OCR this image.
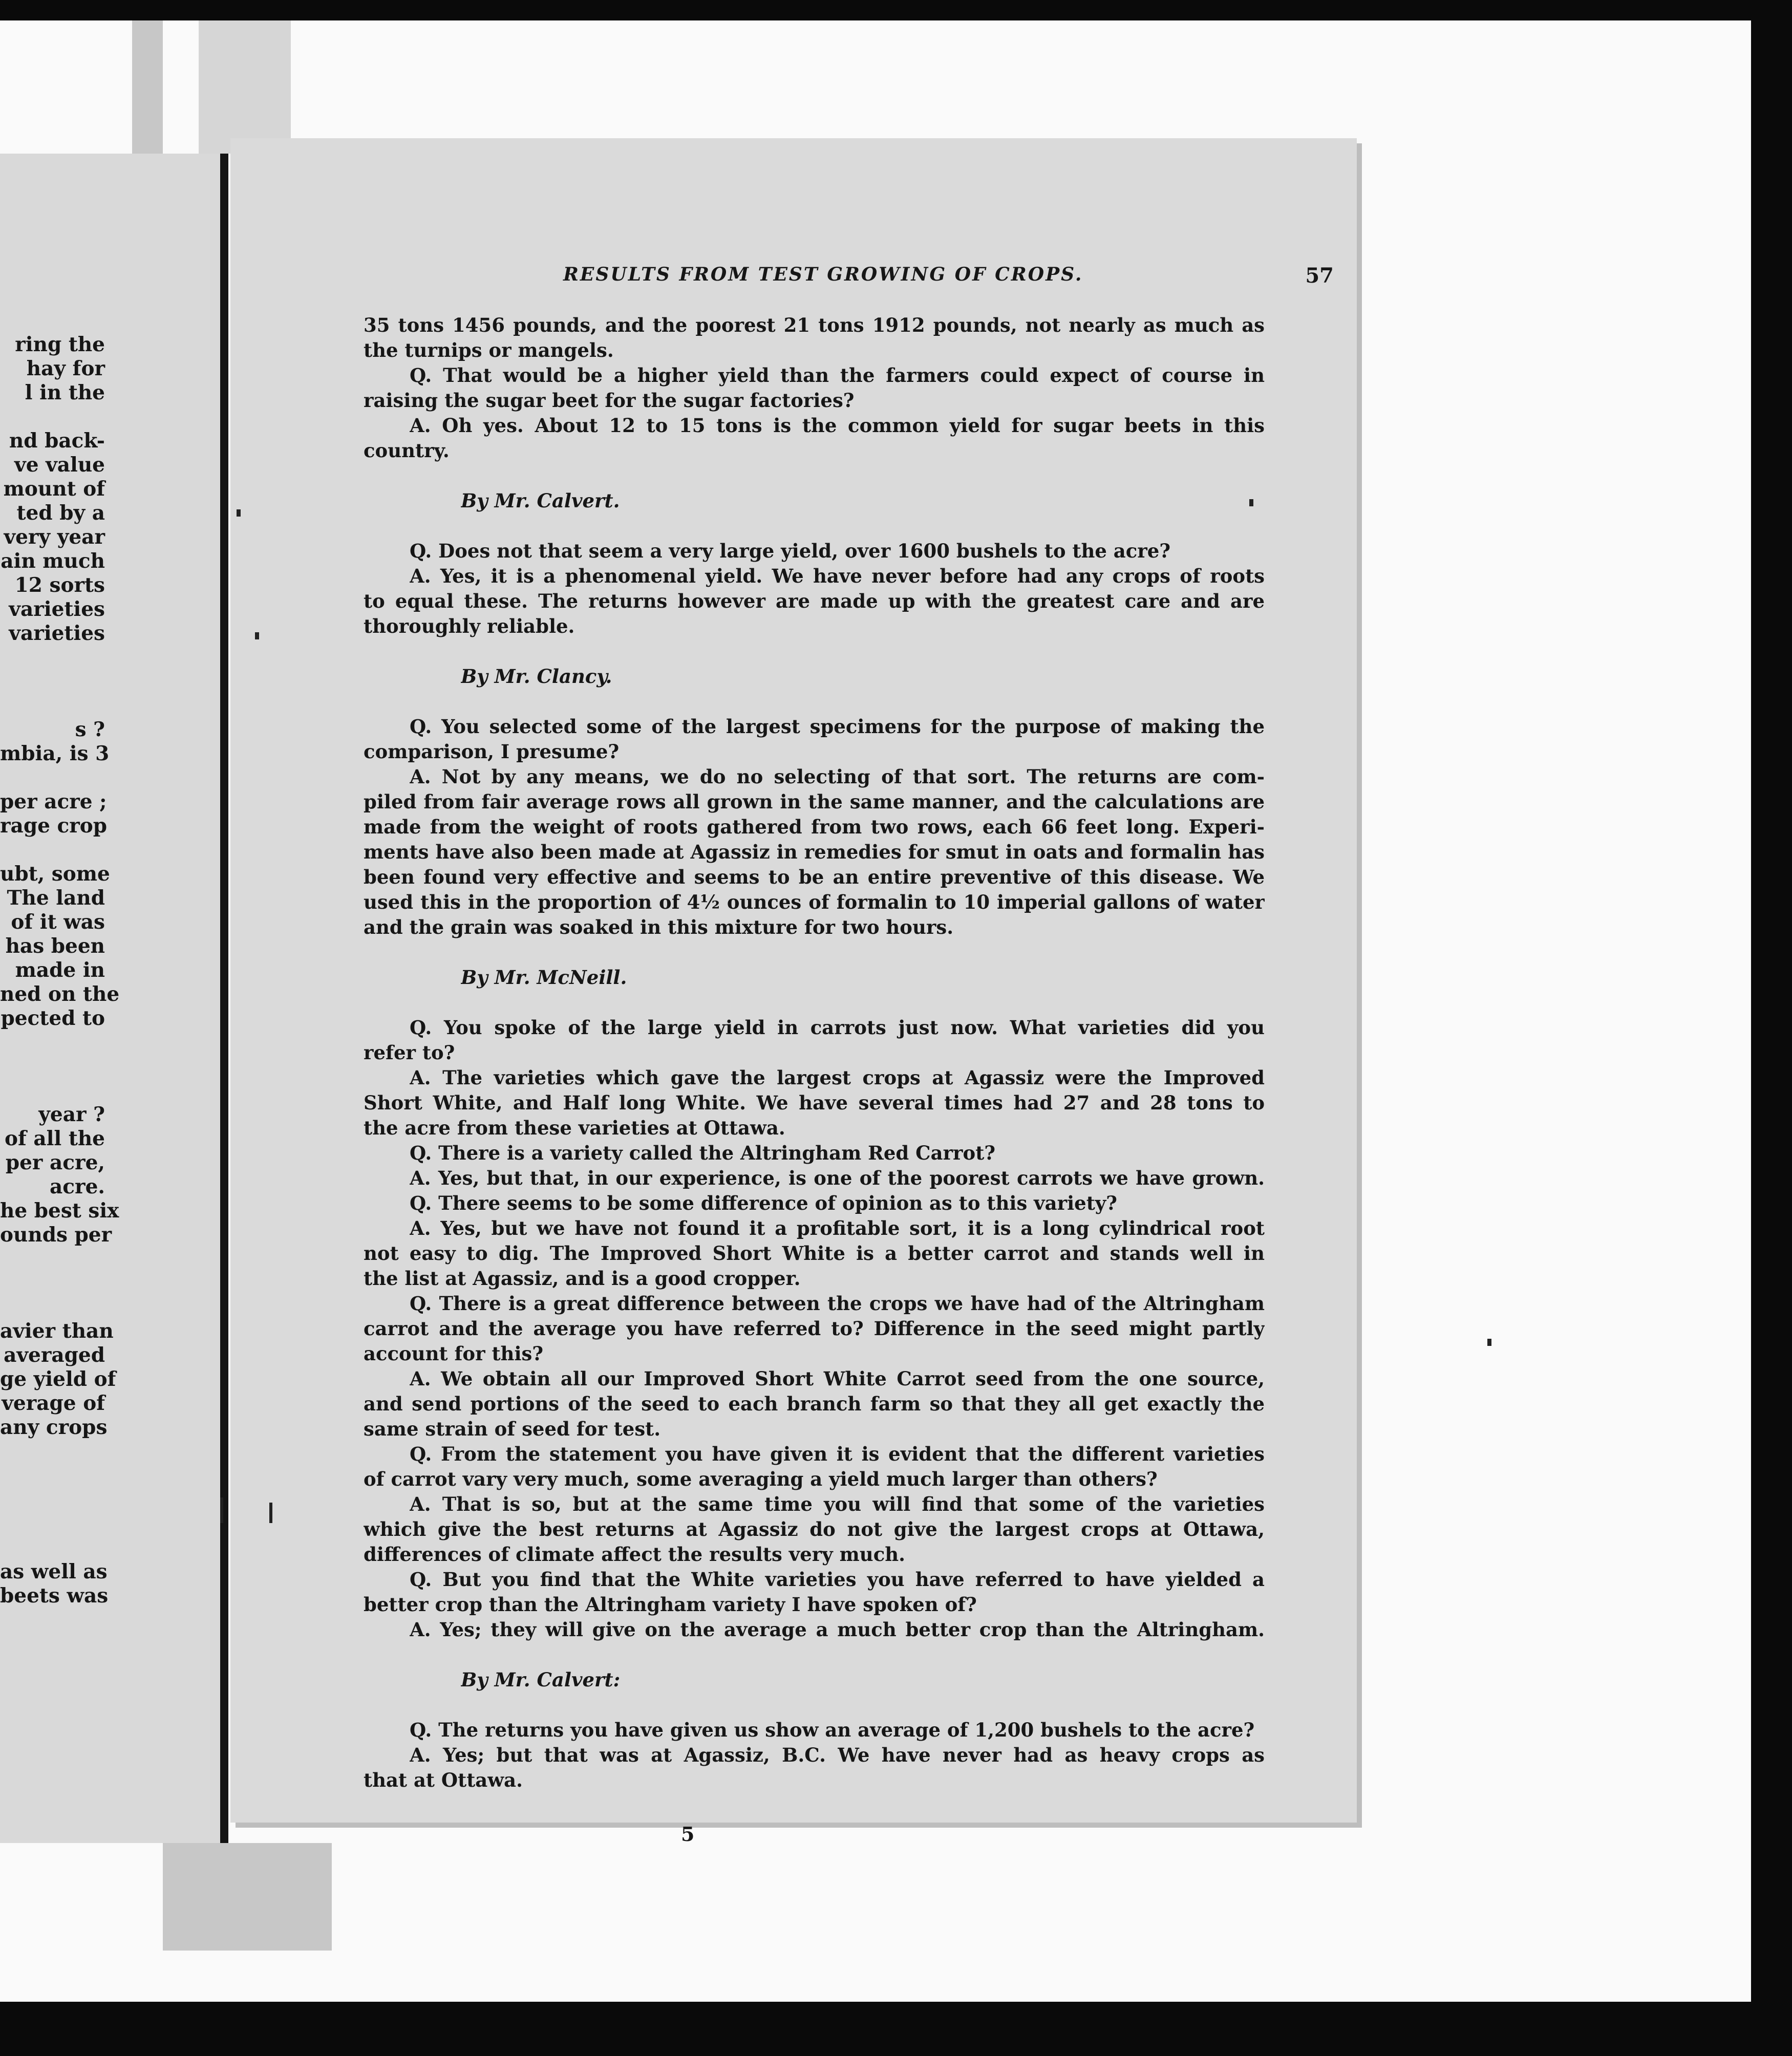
ring the
hay for
l in the
nd back-
ve value
mount of
ted by a
very year
ain much
12 sorts
varieties
varieties
s ?
mbia, is 3
per acre ;
rage crop
ubt, some
The land
of it was
has been
made in
ned on the
pected to
year ?
of all the
per acre,
acre.
he best six
ounds per
avier than
averaged
ge yield of
verage of
any crops
as well as
beets was
RESULTS FROM TEST GROWING OF CROPS.	57
35 tons 1456 pounds, and the poorest 21 tons 1912 pounds, not nearly as much as
the turnips or mangels.
Q. That would be a higher yield than the farmers could expect of course in
raising the sugar beet for the sugar factories?
A. Oh yes. About 12 to 15 tons is the common yield for sugar beets in this
country.
By Mr. Calvert.
Q. Does not that seem a very large yield, over 1600 bushels to the acre?
A. Yes, it is a phenomenal yield. We have never before had any crops of roots
to equal these. The returns however are made up with the greatest care and are
thoroughly reliable.
By Mr. Clancy.
Q. You selected some of the largest specimens for the purpose of making the
comparison, I presume?
A. Not by any means, we do no selecting of that sort. The returns are com-
piled from fair average rows all grown in the same manner, and the calculations are
made from the weight of roots gathered from two rows, each 66 feet long. Experi-
ments have also been made at Agassiz in remedies for smut in oats and formalin has
been found very effective and seems to be an entire preventive of this disease. We
used this in the proportion of 4½ ounces of formalin to 10 imperial gallons of water
and the grain was soaked in this mixture for two hours.
By Mr. McNeill.
Q. You spoke of the large yield in carrots just now. What varieties did you
refer to?
A. The varieties which gave the largest crops at Agassiz were the Improved
Short White, and Half long White. We have several times had 27 and 28 tons to
the acre from these varieties at Ottawa.
Q. There is a variety called the Altringham Red Carrot?
A. Yes, but that, in our experience, is one of the poorest carrots we have grown.
Q. There seems to be some difference of opinion as to this variety?
A. Yes, but we have not found it a profitable sort, it is a long cylindrical root
not easy to dig. The Improved Short White is a better carrot and stands well in
the list at Agassiz, and is a good cropper.
Q. There is a great difference between the crops we have had of the Altringham
carrot and the average you have referred to? Difference in the seed might partly
account for this?
A. We obtain all our Improved Short White Carrot seed from the one source,
and send portions of the seed to each branch farm so that they all get exactly the
same strain of seed for test.
Q. From the statement you have given it is evident that the different varieties
of carrot vary very much, some averaging a yield much larger than others?
A. That is so, but at the same time you will find that some of the varieties
which give the best returns at Agassiz do not give the largest crops at Ottawa,
differences of climate affect the results very much.
Q. But you find that the White varieties you have referred to have yielded a
better crop than the Altringham variety I have spoken of?
A. Yes; they will give on the average a much better crop than the Altringham.
By Mr. Calvert:
Q. The returns you have given us show an average of 1,200 bushels to the acre?
A. Yes; but that was at Agassiz, B.C. We have never had as heavy crops as
that at Ottawa.
5
